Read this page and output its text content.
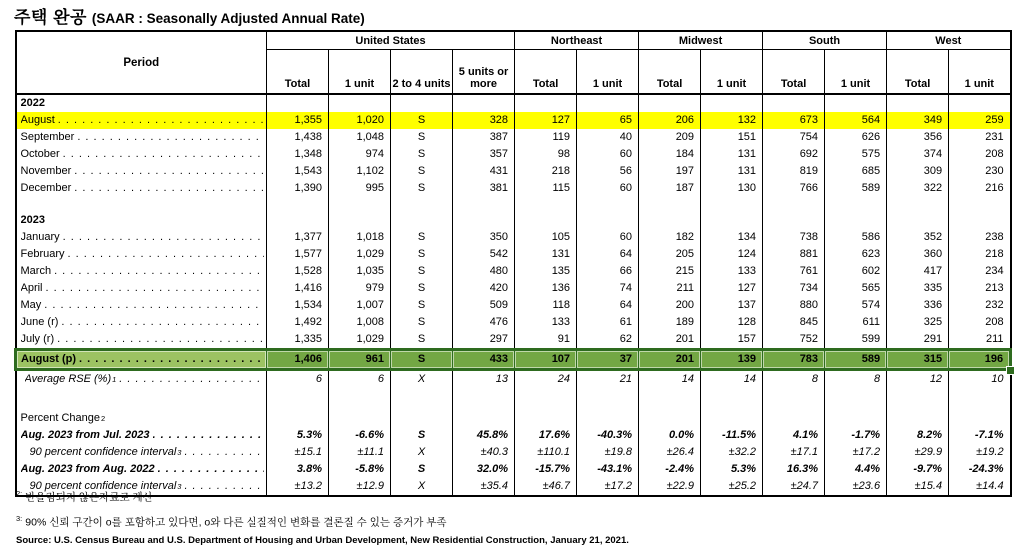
주택 완공 (SAAR : Seasonally Adjusted Annual Rate)
Period	United States				Northeast		Midwest		South		West	
	Total	1 unit	2 to 4 units	5 units or more	Total	1 unit	Total	1 unit	Total	1 unit	Total	1 unit

2022												

August
. . .	1,355	1,020	S	328	127	65	206	132	673	564	349	259

September
. . .	1,438	1,048	S	387	119	40	209	151	754	626	356	231

October
. . .	1,348	974	S	357	98	60	184	131	692	575	374	208

November
. . .	1,543	1,102	S	431	218	56	197	131	819	685	309	230

December
. . .	1,390	995	S	381	115	60	187	130	766	589	322	216

2023												

January
. . .	1,377	1,018	S	350	105	60	182	134	738	586	352	238

February
. . .	1,577	1,029	S	542	131	64	205	124	881	623	360	218

March
. . .	1,528	1,035	S	480	135	66	215	133	761	602	417	234

April
. . .	1,416	979	S	420	136	74	211	127	734	565	335	213

May
. . .	1,534	1,007	S	509	118	64	200	137	880	574	336	232

June (r)
. . .	1,492	1,008	S	476	133	61	189	128	845	611	325	208

July (r)
. . .	1,335	1,029	S	297	91	62	201	157	752	599	291	211

August (p)
. . .	1,406	961	S	433	107	37	201	139	783	589	315	196

Average RSE (%) 1
. . .	6	6	X	13	24	21	14	14	8	8	12	10

Percent Change 2												

Aug. 2023 from Jul. 2023
. . .	5.3%	-6.6%	S	45.8%	17.6%	-40.3%	0.0%	-11.5%	4.1%	-1.7%	8.2%	-7.1%

90 percent confidence interval 3
. . .	±15.1	±11.1	X	±40.3	±110.1	±19.8	±26.4	±32.2	±17.1	±17.2	±29.9	±19.2

Aug. 2023 from Aug. 2022
. . .	3.8%	-5.8%	S	32.0%	-15.7%	-43.1%	-2.4%	5.3%	16.3%	4.4%	-9.7%	-24.3%

90 percent confidence interval 3
. . .	±13.2	±12.9	X	±35.4	±46.7	±17.2	±22.9	±25.2	±24.7	±23.6	±15.4	±14.4
$^{2:}$ 반올림되지 않은자료로 계산
$^{3:}$ 90% 신뢰 구간이 o를 포함하고 있다면, o와 다른 실질적인 변화를 결론질 수 있는 증거가 부족
Source: U.S. Census Bureau and U.S. Department of Housing and Urban Development, New Residential Construction, January 21, 2021.
